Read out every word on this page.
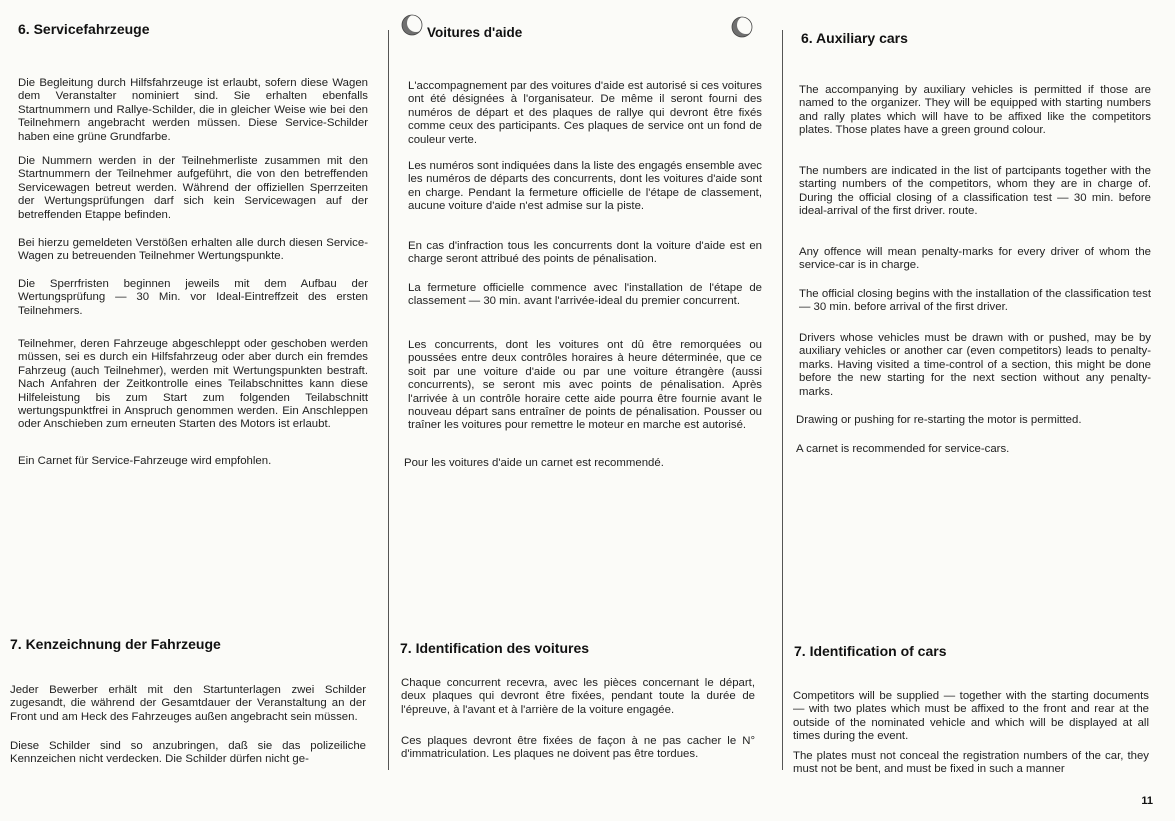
6. Servicefahrzeuge

Die Begleitung durch Hilfsfahrzeuge ist erlaubt, sofern diese Wagen dem Veranstalter nominiert sind. Sie erhalten ebenfalls Startnummern und Rallye-Schilder, die in gleicher Weise wie bei den Teilnehmern angebracht werden müssen. Diese Service-Schilder haben eine grüne Grundfarbe.

Die Nummern werden in der Teilnehmerliste zusammen mit den Startnummern der Teilnehmer aufgeführt, die von den betreffenden Servicewagen betreut werden. Während der offiziellen Sperrzeiten der Wertungsprüfungen darf sich kein Servicewagen auf der betreffenden Etappe befinden.

Bei hierzu gemeldeten Verstößen erhalten alle durch diesen Service-Wagen zu betreuenden Teilnehmer Wertungspunkte.

Die Sperrfristen beginnen jeweils mit dem Aufbau der Wertungsprüfung — 30 Min. vor Ideal-Eintreffzeit des ersten Teilnehmers.

Teilnehmer, deren Fahrzeuge abgeschleppt oder geschoben werden müssen, sei es durch ein Hilfsfahrzeug oder aber durch ein fremdes Fahrzeug (auch Teilnehmer), werden mit Wertungspunkten bestraft. Nach Anfahren der Zeitkontrolle eines Teilabschnittes kann diese Hilfeleistung bis zum Start zum folgenden Teilabschnitt wertungspunktfrei in Anspruch genommen werden. Ein Anschleppen oder Anschieben zum erneuten Starten des Motors ist erlaubt.

Ein Carnet für Service-Fahrzeuge wird empfohlen.

7. Kenzeichnung der Fahrzeuge

Jeder Bewerber erhält mit den Startunterlagen zwei Schilder zugesandt, die während der Gesamtdauer der Veranstaltung an der Front und am Heck des Fahrzeuges außen angebracht sein müssen.

Diese Schilder sind so anzubringen, daß sie das polizeiliche Kennzeichen nicht verdecken. Die Schilder dürfen nicht ge-

Voitures d'aide

L'accompagnement par des voitures d'aide est autorisé si ces voitures ont été désignées à l'organisateur. De même il seront fourni des numéros de départ et des plaques de rallye qui devront être fixés comme ceux des participants. Ces plaques de service ont un fond de couleur verte.

Les numéros sont indiquées dans la liste des engagés ensemble avec les numéros de départs des concurrents, dont les voitures d'aide sont en charge. Pendant la fermeture officielle de l'étape de classement, aucune voiture d'aide n'est admise sur la piste.

En cas d'infraction tous les concurrents dont la voiture d'aide est en charge seront attribué des points de pénalisation.

La fermeture officielle commence avec l'installation de l'étape de classement — 30 min. avant l'arrivée-ideal du premier concurrent.

Les concurrents, dont les voitures ont dû être remorquées ou poussées entre deux contrôles horaires à heure déterminée, que ce soit par une voiture d'aide ou par une voiture étrangère (aussi concurrents), se seront mis avec points de pénalisation. Après l'arrivée à un contrôle horaire cette aide pourra être fournie avant le nouveau départ sans entraîner de points de pénalisation. Pousser ou traîner les voitures pour remettre le moteur en marche est autorisé.

Pour les voitures d'aide un carnet est recommendé.

7. Identification des voitures

Chaque concurrent recevra, avec les pièces concernant le départ, deux plaques qui devront être fixées, pendant toute la durée de l'épreuve, à l'avant et à l'arrière de la voiture engagée.

Ces plaques devront être fixées de façon à ne pas cacher le N° d'immatriculation. Les plaques ne doivent pas être tordues.

6. Auxiliary cars

The accompanying by auxiliary vehicles is permitted if those are named to the organizer. They will be equipped with starting numbers and rally plates which will have to be affixed like the competitors plates. Those plates have a green ground colour.

The numbers are indicated in the list of partcipants together with the starting numbers of the competitors, whom they are in charge of. During the official closing of a classification test — 30 min. before ideal-arrival of the first driver. route.

Any offence will mean penalty-marks for every driver of whom the service-car is in charge.

The official closing begins with the installation of the classification test — 30 min. before arrival of the first driver.

Drivers whose vehicles must be drawn with or pushed, may be by auxiliary vehicles or another car (even competitors) leads to penalty-marks. Having visited a time-control of a section, this might be done before the new starting for the next section without any penalty-marks.

Drawing or pushing for re-starting the motor is permitted.

A carnet is recommended for service-cars.

7. Identification of cars

Competitors will be supplied — together with the starting documents — with two plates which must be affixed to the front and rear at the outside of the nominated vehicle and which will be displayed at all times during the event.

The plates must not conceal the registration numbers of the car, they must not be bent, and must be fixed in such a manner

11
